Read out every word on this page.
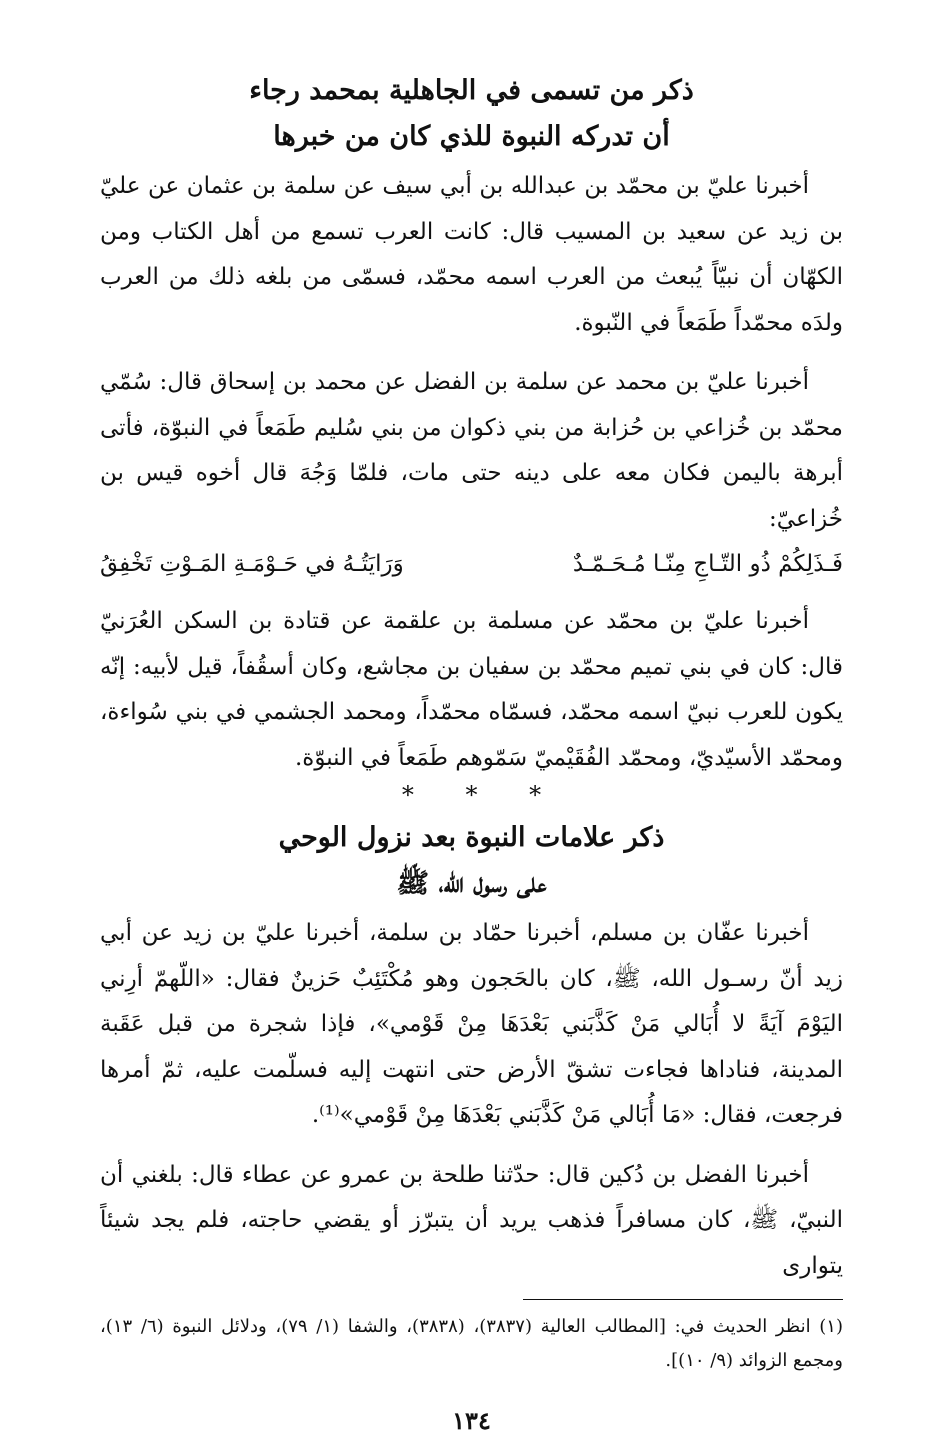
ذكر من تسمى في الجاهلية بمحمد رجاء
أن تدركه النبوة للذي كان من خبرها

أخبرنا عليّ بن محمّد بن عبدالله بن أبي سيف عن سلمة بن عثمان عن عليّ بن زيد عن سعيد بن المسيب قال: كانت العرب تسمع من أهل الكتاب ومن الكهّان أن نبيّاً يُبعث من العرب اسمه محمّد، فسمّى من بلغه ذلك من العرب ولدَه محمّداً طَمَعاً في النّبوة.

أخبرنا عليّ بن محمد عن سلمة بن الفضل عن محمد بن إسحاق قال: سُمّي محمّد بن خُزاعي بن حُزابة من بني ذكوان من بني سُليم طَمَعاً في النبوّة، فأتى أبرهة باليمن فكان معه على دينه حتى مات، فلمّا وَجُهَ قال أخوه قيس بن خُزاعيّ:

فَـذَلِكُمْ ذُو التّـاجِ مِنّـا مُـحَـمّـدٌ
وَرَايَتُـهُ في حَـوْمَـةِ المَـوْتِ تَخْفِقُ

أخبرنا عليّ بن محمّد عن مسلمة بن علقمة عن قتادة بن السكن العُرَنيّ قال: كان في بني تميم محمّد بن سفيان بن مجاشع، وكان أسقُفاً، قيل لأبيه: إنّه يكون للعرب نبيّ اسمه محمّد، فسمّاه محمّداً، ومحمد الجشمي في بني سُواءة، ومحمّد الأسيّديّ، ومحمّد الفُقَيْميّ سَمّوهم طَمَعاً في النبوّة.

* * *
ذكر علامات النبوة بعد نزول الوحي
على رسول الله، ﷺ

أخبرنا عفّان بن مسلم، أخبرنا حمّاد بن سلمة، أخبرنا عليّ بن زيد عن أبي زيد أنّ رسـول الله، ﷺ، كان بالحَجون وهو مُكْتَئِبٌ حَزينٌ فقال: «اللّهمّ أرِني اليَوْمَ آيَةً لا أُبَالي مَنْ كَذَّبَني بَعْدَهَا مِنْ قَوْمي»، فإذا شجرة من قبل عَقَبة المدينة، فناداها فجاءت تشقّ الأرض حتى انتهت إليه فسلّمت عليه، ثمّ أمرها فرجعت، فقال: «مَا أُبَالي مَنْ كَذَّبَني بَعْدَهَا مِنْ قَوْمي»⁽¹⁾.

أخبرنا الفضل بن دُكين قال: حدّثنا طلحة بن عمرو عن عطاء قال: بلغني أن النبيّ، ﷺ، كان مسافراً فذهب يريد أن يتبرّز أو يقضي حاجته، فلم يجد شيئاً يتوارى

(١) انظر الحديث في: [المطالب العالية (٣٨٣٧)، (٣٨٣٨)، والشفا (١/ ٧٩)، ودلائل النبوة (٦/ ١٣)، ومجمع الزوائد (٩/ ١٠)].

١٣٤
